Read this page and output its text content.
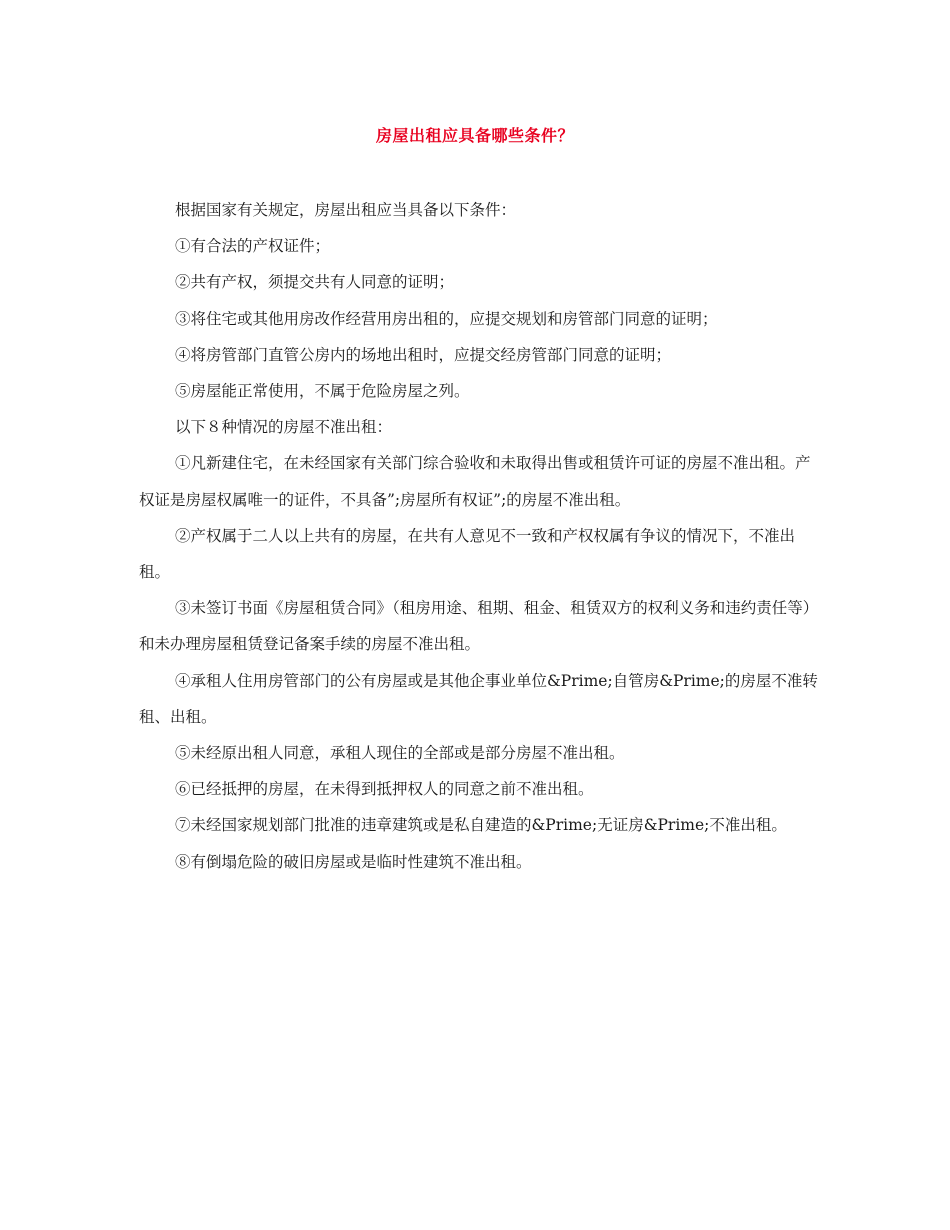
房屋出租应具备哪些条件？

根据国家有关规定，房屋出租应当具备以下条件：

①有合法的产权证件；

②共有产权，须提交共有人同意的证明；

③将住宅或其他用房改作经营用房出租的，应提交规划和房管部门同意的证明；

④将房管部门直管公房内的场地出租时，应提交经房管部门同意的证明；

⑤房屋能正常使用，不属于危险房屋之列。

以下８种情况的房屋不准出租：

①凡新建住宅，在未经国家有关部门综合验收和未取得出售或租赁许可证的房屋不准出租。产权证是房屋权属唯一的证件，不具备”;房屋所有权证”;的房屋不准出租。

②产权属于二人以上共有的房屋，在共有人意见不一致和产权权属有争议的情况下，不准出租。

③未签订书面《房屋租赁合同》（租房用途、租期、租金、租赁双方的权利义务和违约责任等）和未办理房屋租赁登记备案手续的房屋不准出租。

④承租人住用房管部门的公有房屋或是其他企事业单位&Prime;自管房&Prime;的房屋不准转租、出租。

⑤未经原出租人同意，承租人现住的全部或是部分房屋不准出租。

⑥已经抵押的房屋，在未得到抵押权人的同意之前不准出租。

⑦未经国家规划部门批准的违章建筑或是私自建造的&Prime;无证房&Prime;不准出租。

⑧有倒塌危险的破旧房屋或是临时性建筑不准出租。
